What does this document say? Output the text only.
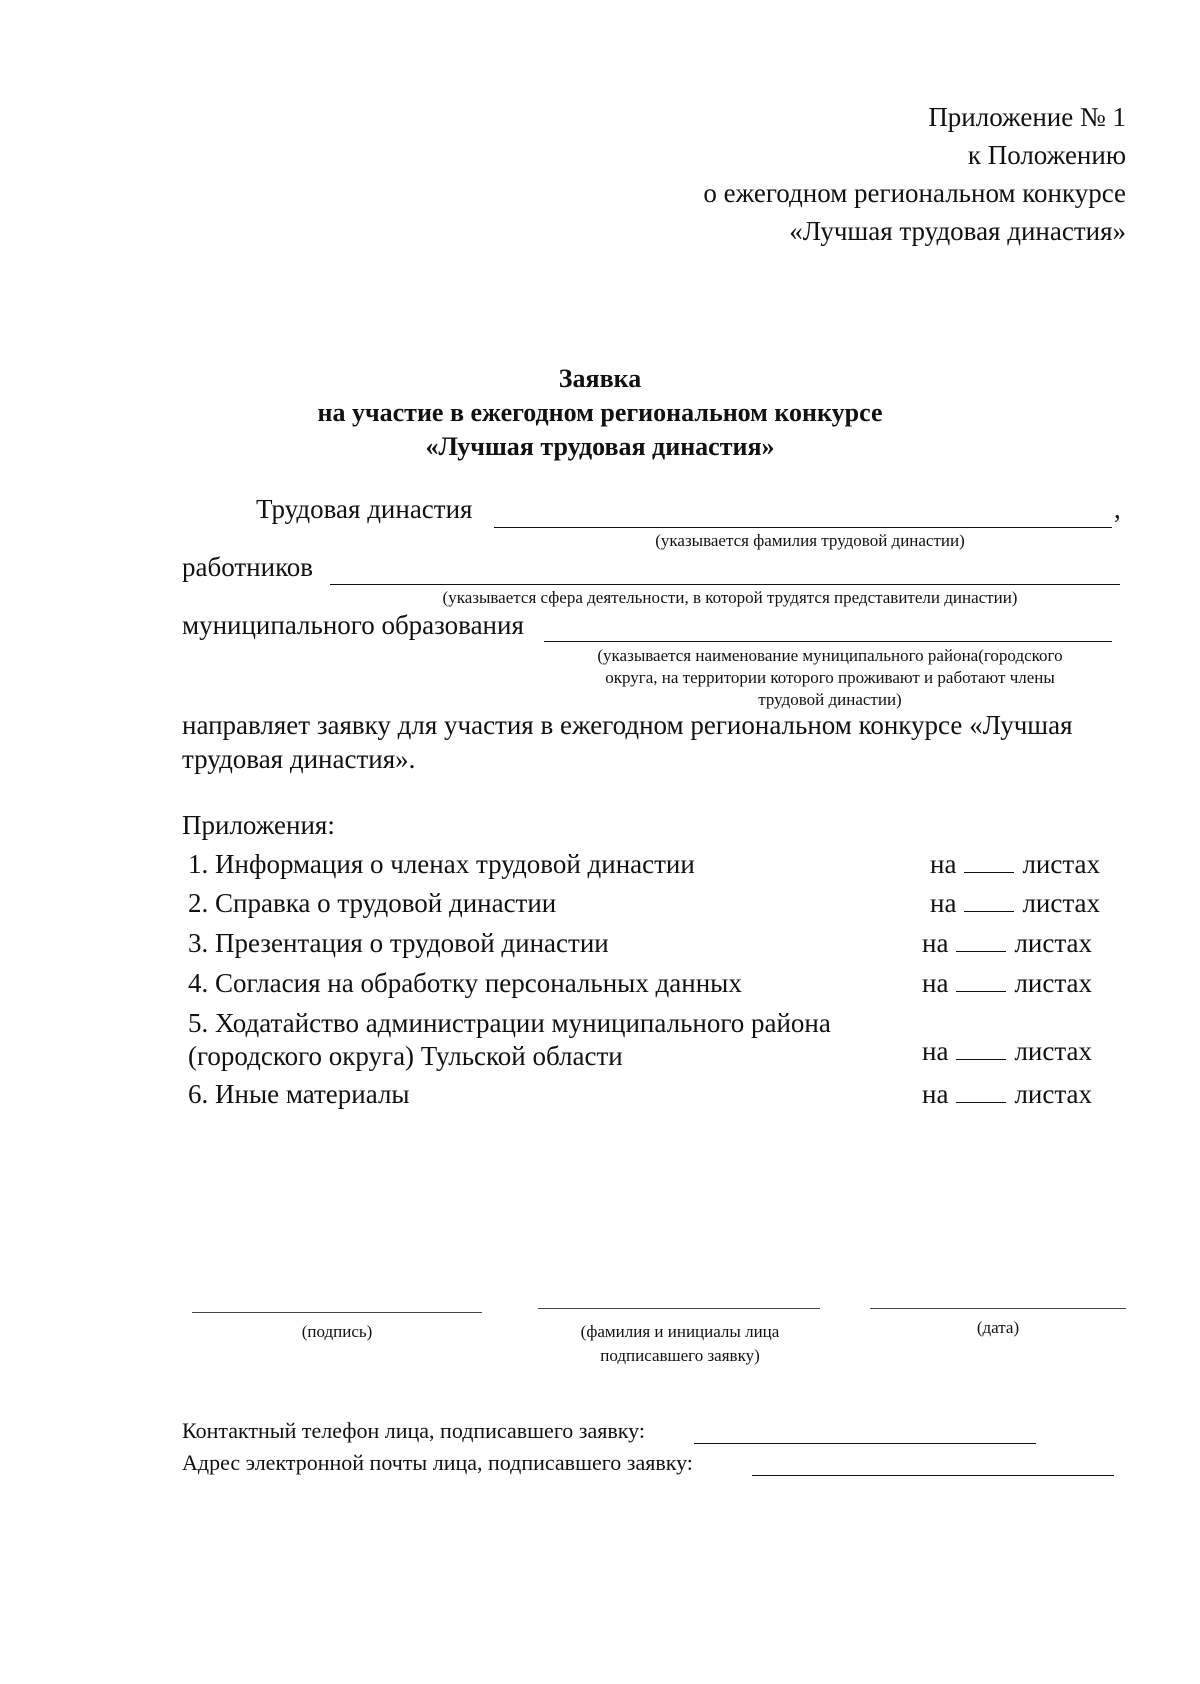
Приложение № 1
к Положению
о ежегодном региональном конкурсе
«Лучшая трудовая династия»
Заявка
на участие в ежегодном региональном конкурсе
«Лучшая трудовая династия»
Трудовая династия	,
(указывается фамилия трудовой династии)
работников
(указывается сфера деятельности, в которой трудятся представители династии)
муниципального образования
(указывается наименование муниципального района(городского
округа, на территории которого проживают и работают члены
трудовой династии)
направляет заявку для участия в ежегодном региональном конкурсе «Лучшая трудовая династия».
Приложения:
1. Информация о членах трудовой династии	на листах
2. Справка о трудовой династии	на листах
3. Презентация о трудовой династии	на листах
4. Согласия на обработку персональных данных	на листах
5. Ходатайство администрации муниципального района
(городского округа) Тульской области	на листах
6. Иные материалы	на листах
(подпись)	(фамилия и инициалы лица
подписавшего заявку)
(дата)
Контактный телефон лица, подписавшего заявку:
Адрес электронной почты лица, подписавшего заявку:
